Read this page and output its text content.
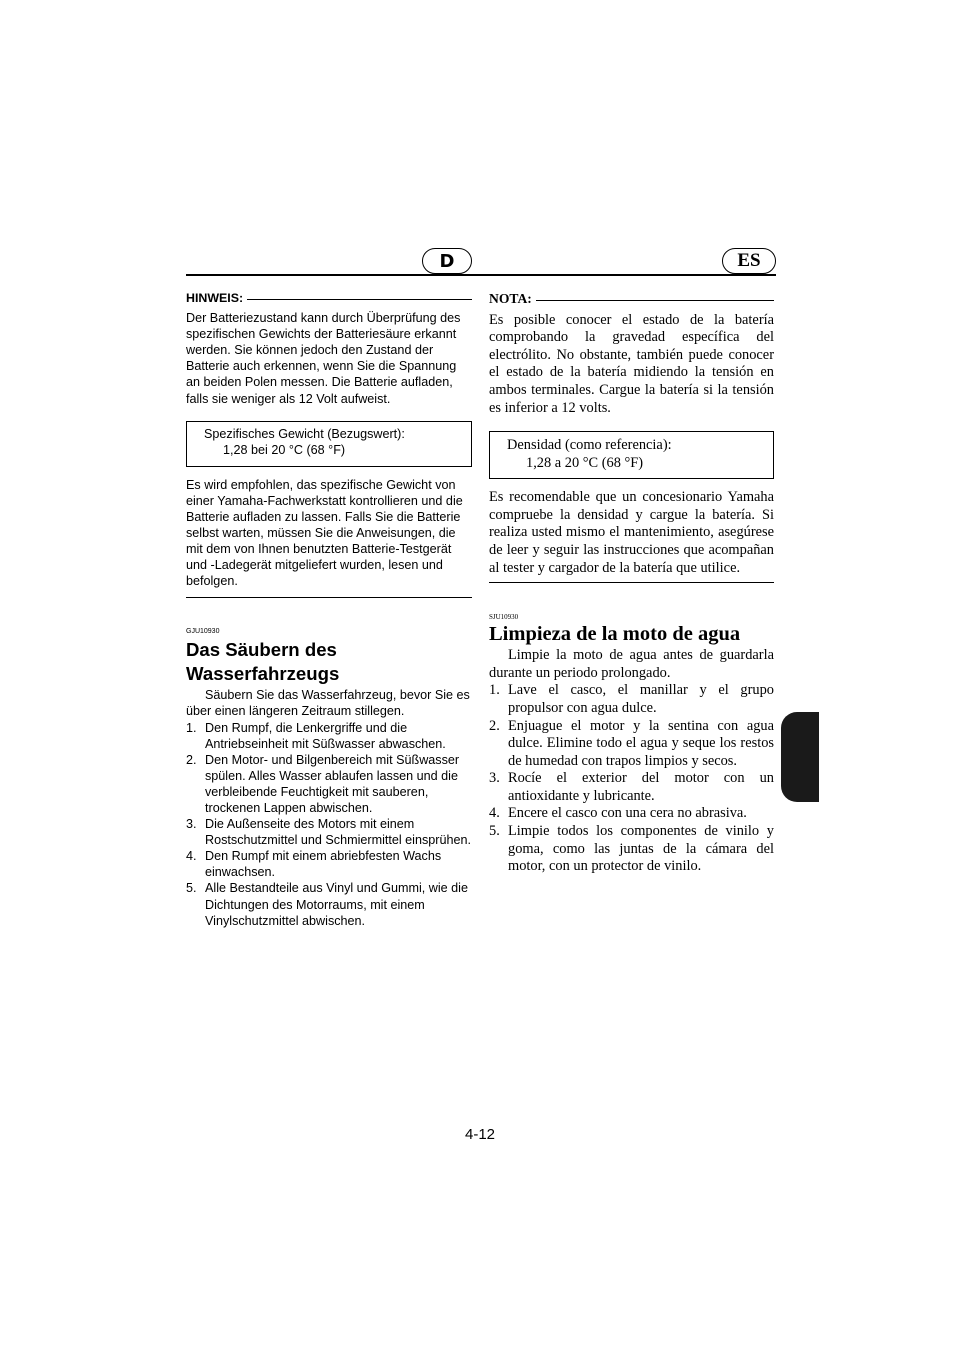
D	ES
HINWEIS:

Der Batteriezustand kann durch Überprüfung des spezifischen Gewichts der Batteriesäure erkannt werden. Sie können jedoch den Zustand der Batterie auch erkennen, wenn Sie die Spannung an beiden Polen messen. Die Batterie aufladen, falls sie weniger als 12 Volt aufweist.

Spezifisches Gewicht (Bezugswert):
1,28 bei 20 °C (68 °F)

Es wird empfohlen, das spezifische Gewicht von einer Yamaha-Fachwerkstatt kontrollieren und die Batterie aufladen zu lassen. Falls Sie die Batterie selbst warten, müssen Sie die Anweisungen, die mit dem von Ihnen benutzten Batterie-Testgerät und -Ladegerät mitgeliefert wurden, lesen und befolgen.

GJU10930
Das Säubern des Wasserfahrzeugs

Säubern Sie das Wasserfahrzeug, bevor Sie es über einen längeren Zeitraum stillegen.

1. Den Rumpf, die Lenkergriffe und die Antriebseinheit mit Süßwasser abwaschen.
2. Den Motor- und Bilgenbereich mit Süßwasser spülen. Alles Wasser ablaufen lassen und die verbleibende Feuchtigkeit mit sauberen, trockenen Lappen abwischen.
3. Die Außenseite des Motors mit einem Rostschutzmittel und Schmiermittel einsprühen.
4. Den Rumpf mit einem abriebfesten Wachs einwachsen.
5. Alle Bestandteile aus Vinyl und Gummi, wie die Dichtungen des Motorraums, mit einem Vinylschutzmittel abwischen.
NOTA:

Es posible conocer el estado de la batería comprobando la gravedad específica del electrólito. No obstante, también puede conocer el estado de la batería midiendo la tensión en ambos terminales. Cargue la batería si la tensión es inferior a 12 volts.

Densidad (como referencia):
1,28 a 20 °C (68 °F)

Es recomendable que un concesionario Yamaha compruebe la densidad y cargue la batería. Si realiza usted mismo el mantenimiento, asegúrese de leer y seguir las instrucciones que acompañan al tester y cargador de la batería que utilice.

SJU10930
Limpieza de la moto de agua

Limpie la moto de agua antes de guardarla durante un periodo prolongado.

1. Lave el casco, el manillar y el grupo propulsor con agua dulce.
2. Enjuague el motor y la sentina con agua dulce. Elimine todo el agua y seque los restos de humedad con trapos limpios y secos.
3. Rocíe el exterior del motor con un antioxidante y lubricante.
4. Encere el casco con una cera no abrasiva.
5. Limpie todos los componentes de vinilo y goma, como las juntas de la cámara del motor, con un protector de vinilo.
4-12
